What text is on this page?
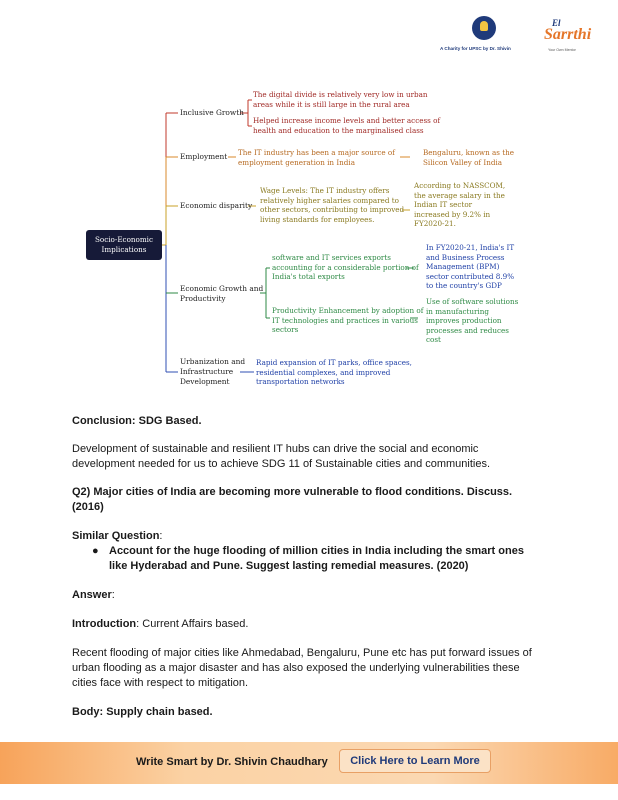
A Charity for UPSC by Dr. Shivin
El
Sarrthi
Your Own Mentor
Socio-Economic
Implications
Inclusive Growth
The digital divide is relatively very low in urban
areas while it is still large in the rural area
Helped increase income levels and better access of
health and education to the marginalised class
Employment The IT industry has been a major source of
employment generation in India
Bengaluru, known as the
Silicon Valley of India
Economic disparity
Wage Levels: The IT industry offers
relatively higher salaries compared to
other sectors, contributing to improved
living standards for employees.
According to NASSCOM,
the average salary in the
Indian IT sector
increased by 9.2% in
FY2020-21.
Economic Growth and
Productivity
software and IT services exports
accounting for a considerable portion of
India's total exports
In FY2020-21, India's IT
and Business Process
Management (BPM)
sector contributed 8.9%
to the country's GDP
Productivity Enhancement by adoption of
IT technologies and practices in various
sectors
Use of software solutions
in manufacturing
improves production
processes and reduces
cost
Urbanization and
Infrastructure
Development
Rapid expansion of IT parks, office spaces,
residential complexes, and improved
transportation networks
Conclusion: SDG Based.
Development of sustainable and resilient IT hubs can drive the social and economic
development needed for us to achieve SDG 11 of Sustainable cities and communities.
Q2) Major cities of India are becoming more vulnerable to flood conditions. Discuss.
(2016)
Similar Question:
● Account for the huge flooding of million cities in India including the smart ones
like Hyderabad and Pune. Suggest lasting remedial measures. (2020)
Answer:
Introduction: Current Affairs based.
Recent flooding of major cities like Ahmedabad, Bengaluru, Pune etc has put forward issues of
urban flooding as a major disaster and has also exposed the underlying vulnerabilities these
cities face with respect to mitigation.
Body: Supply chain based.
Write Smart by Dr. Shivin Chaudhary	Click Here to Learn More
